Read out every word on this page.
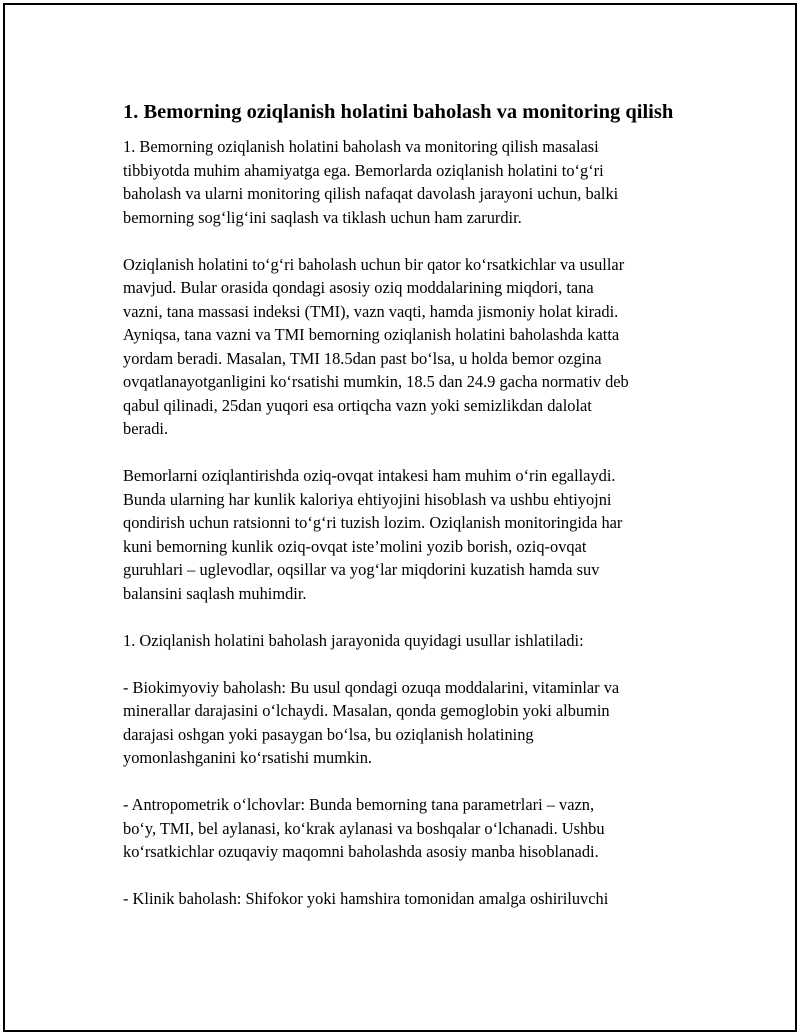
1. Bemorning oziqlanish holatini baholash va monitoring qilish

1. Bemorning oziqlanish holatini baholash va monitoring qilish masalasi
tibbiyotda muhim ahamiyatga ega. Bemorlarda oziqlanish holatini to‘g‘ri
baholash va ularni monitoring qilish nafaqat davolash jarayoni uchun, balki
bemorning sog‘lig‘ini saqlash va tiklash uchun ham zarurdir.

Oziqlanish holatini to‘g‘ri baholash uchun bir qator ko‘rsatkichlar va usullar
mavjud. Bular orasida qondagi asosiy oziq moddalarining miqdori, tana
vazni, tana massasi indeksi (TMI), vazn vaqti, hamda jismoniy holat kiradi.
Ayniqsa, tana vazni va TMI bemorning oziqlanish holatini baholashda katta
yordam beradi. Masalan, TMI 18.5dan past bo‘lsa, u holda bemor ozgina
ovqatlanayotganligini ko‘rsatishi mumkin, 18.5 dan 24.9 gacha normativ deb
qabul qilinadi, 25dan yuqori esa ortiqcha vazn yoki semizlikdan dalolat
beradi.

Bemorlarni oziqlantirishda oziq-ovqat intakesi ham muhim o‘rin egallaydi.
Bunda ularning har kunlik kaloriya ehtiyojini hisoblash va ushbu ehtiyojni
qondirish uchun ratsionni to‘g‘ri tuzish lozim. Oziqlanish monitoringida har
kuni bemorning kunlik oziq-ovqat iste’molini yozib borish, oziq-ovqat
guruhlari – uglevodlar, oqsillar va yog‘lar miqdorini kuzatish hamda suv
balansini saqlash muhimdir.

1. Oziqlanish holatini baholash jarayonida quyidagi usullar ishlatiladi:

- Biokimyoviy baholash: Bu usul qondagi ozuqa moddalarini, vitaminlar va
minerallar darajasini o‘lchaydi. Masalan, qonda gemoglobin yoki albumin
darajasi oshgan yoki pasaygan bo‘lsa, bu oziqlanish holatining
yomonlashganini ko‘rsatishi mumkin.

- Antropometrik o‘lchovlar: Bunda bemorning tana parametrlari – vazn,
bo‘y, TMI, bel aylanasi, ko‘krak aylanasi va boshqalar o‘lchanadi. Ushbu
ko‘rsatkichlar ozuqaviy maqomni baholashda asosiy manba hisoblanadi.

- Klinik baholash: Shifokor yoki hamshira tomonidan amalga oshiriluvchi
